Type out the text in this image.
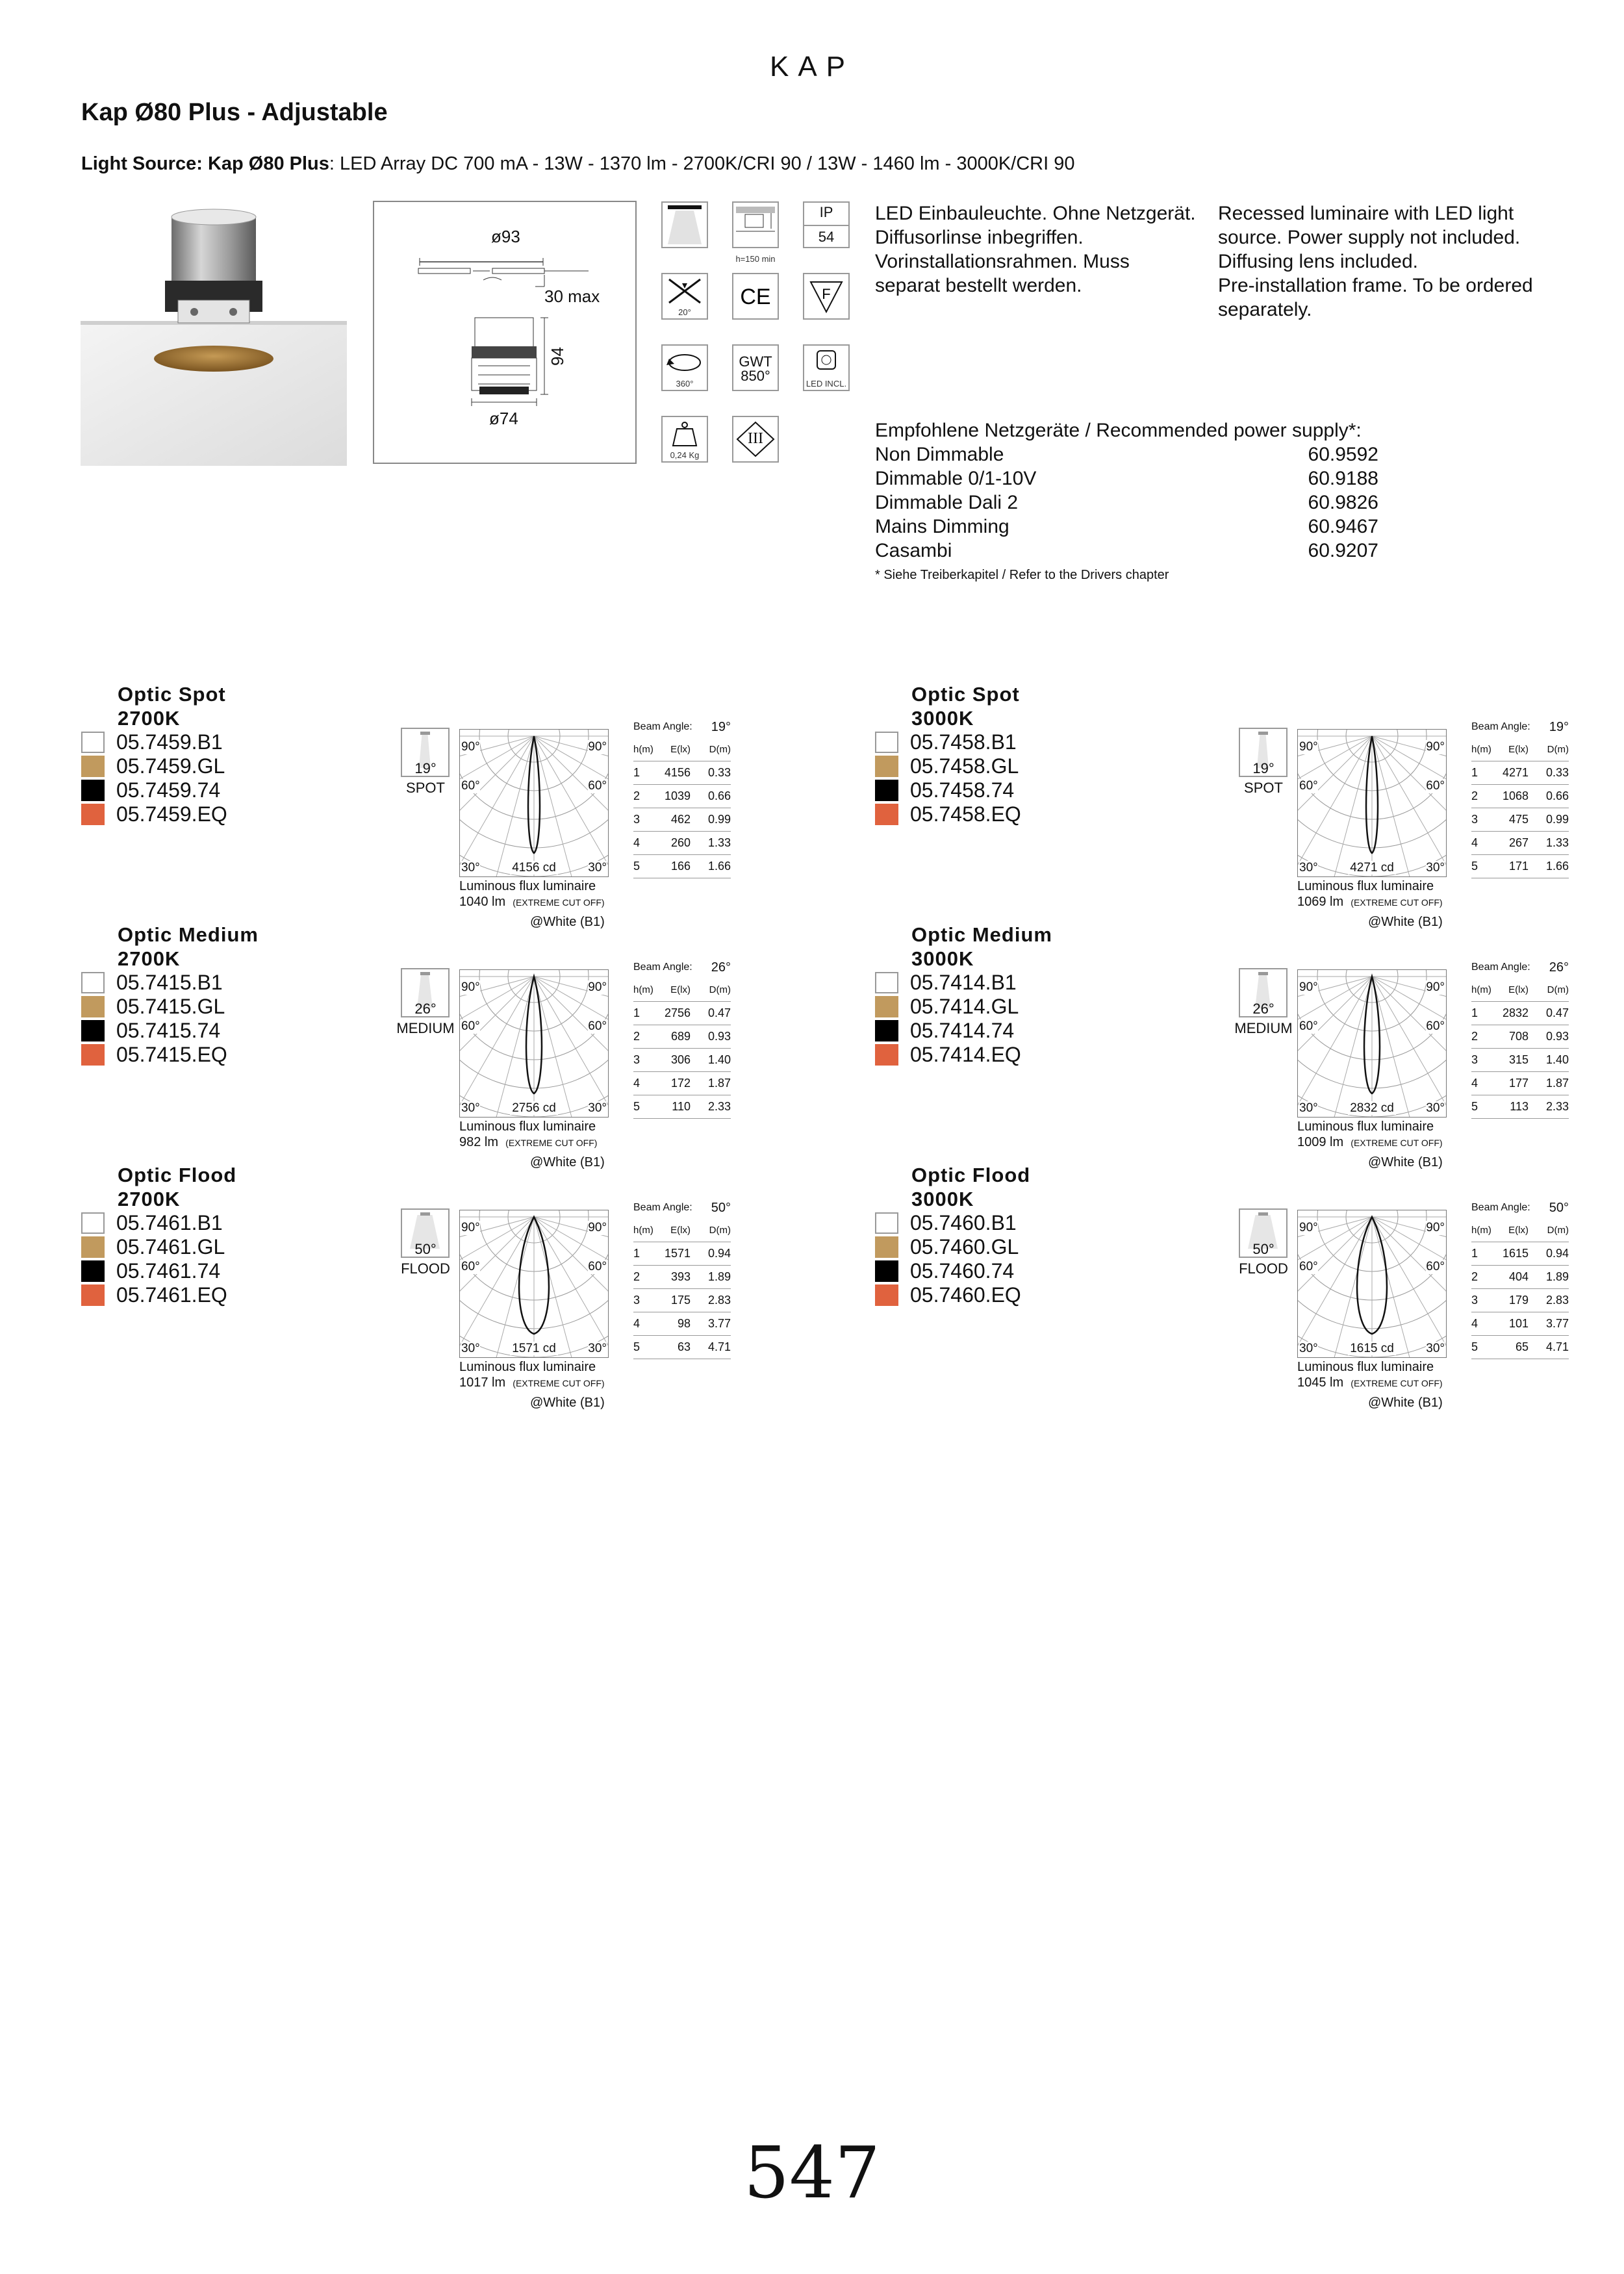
KAP
Kap Ø80 Plus - Adjustable
Light Source: Kap Ø80 Plus: LED Array DC 700 mA - 13W - 1370 lm - 2700K/CRI 90 / 13W - 1460 lm - 3000K/CRI 90
ø93
30 max
94
ø74
h=150 min
IP
54
20°
CE	F
360°
GWT
850°	LED INCL.
0,24 Kg
III
LED Einbauleuchte. Ohne Netzgerät.
Diffusorlinse inbegriffen.
Vorinstallationsrahmen. Muss
separat bestellt werden.
Recessed luminaire with LED light
source. Power supply not included.
Diffusing lens included.
Pre-installation frame. To be ordered
separately.
Empfohlene Netzgeräte / Recommended power supply*:
Non Dimmable	60.9592
Dimmable 0/1-10V	60.9188
Dimmable Dali 2	60.9826
Mains Dimming	60.9467
Casambi	60.9207
* Siehe Treiberkapitel / Refer to the Drivers chapter
Optic Spot
2700K
05.7459.B1
05.7459.GL
05.7459.74
05.7459.EQ
19°
SPOT
90°	90°
60°	60°
30°	30°
4156 cd
Luminous flux luminaire
1040 lm (EXTREME CUT OFF)
@White (B1)
Beam Angle: 19°
h(m)	E(lx)	D(m)
1	4156	0.33
2	1039	0.66
3	462	0.99
4	260	1.33
5	166	1.66
Optic Spot
3000K
05.7458.B1
05.7458.GL
05.7458.74
05.7458.EQ
19°
SPOT
90°	90°
60°	60°
30°	30°
4271 cd
Luminous flux luminaire
1069 lm (EXTREME CUT OFF)
@White (B1)
Beam Angle: 19°
h(m)	E(lx)	D(m)
1	4271	0.33
2	1068	0.66
3	475	0.99
4	267	1.33
5	171	1.66
Optic Medium
2700K
05.7415.B1
05.7415.GL
05.7415.74
05.7415.EQ
26°
MEDIUM
90°	90°
60°	60°
30°	30°
2756 cd
Luminous flux luminaire
982 lm (EXTREME CUT OFF)
@White (B1)
Beam Angle: 26°
h(m)	E(lx)	D(m)
1	2756	0.47
2	689	0.93
3	306	1.40
4	172	1.87
5	110	2.33
Optic Medium
3000K
05.7414.B1
05.7414.GL
05.7414.74
05.7414.EQ
26°
MEDIUM
90°	90°
60°	60°
30°	30°
2832 cd
Luminous flux luminaire
1009 lm (EXTREME CUT OFF)
@White (B1)
Beam Angle: 26°
h(m)	E(lx)	D(m)
1	2832	0.47
2	708	0.93
3	315	1.40
4	177	1.87
5	113	2.33
Optic Flood
2700K
05.7461.B1
05.7461.GL
05.7461.74
05.7461.EQ
50°
FLOOD
90°	90°
60°	60°
30°	30°
1571 cd
Luminous flux luminaire
1017 lm (EXTREME CUT OFF)
@White (B1)
Beam Angle: 50°
h(m)	E(lx)	D(m)
1	1571	0.94
2	393	1.89
3	175	2.83
4	98	3.77
5	63	4.71
Optic Flood
3000K
05.7460.B1
05.7460.GL
05.7460.74
05.7460.EQ
50°
FLOOD
90°	90°
60°	60°
30°	30°
1615 cd
Luminous flux luminaire
1045 lm (EXTREME CUT OFF)
@White (B1)
Beam Angle: 50°
h(m)	E(lx)	D(m)
1	1615	0.94
2	404	1.89
3	179	2.83
4	101	3.77
5	65	4.71
547
